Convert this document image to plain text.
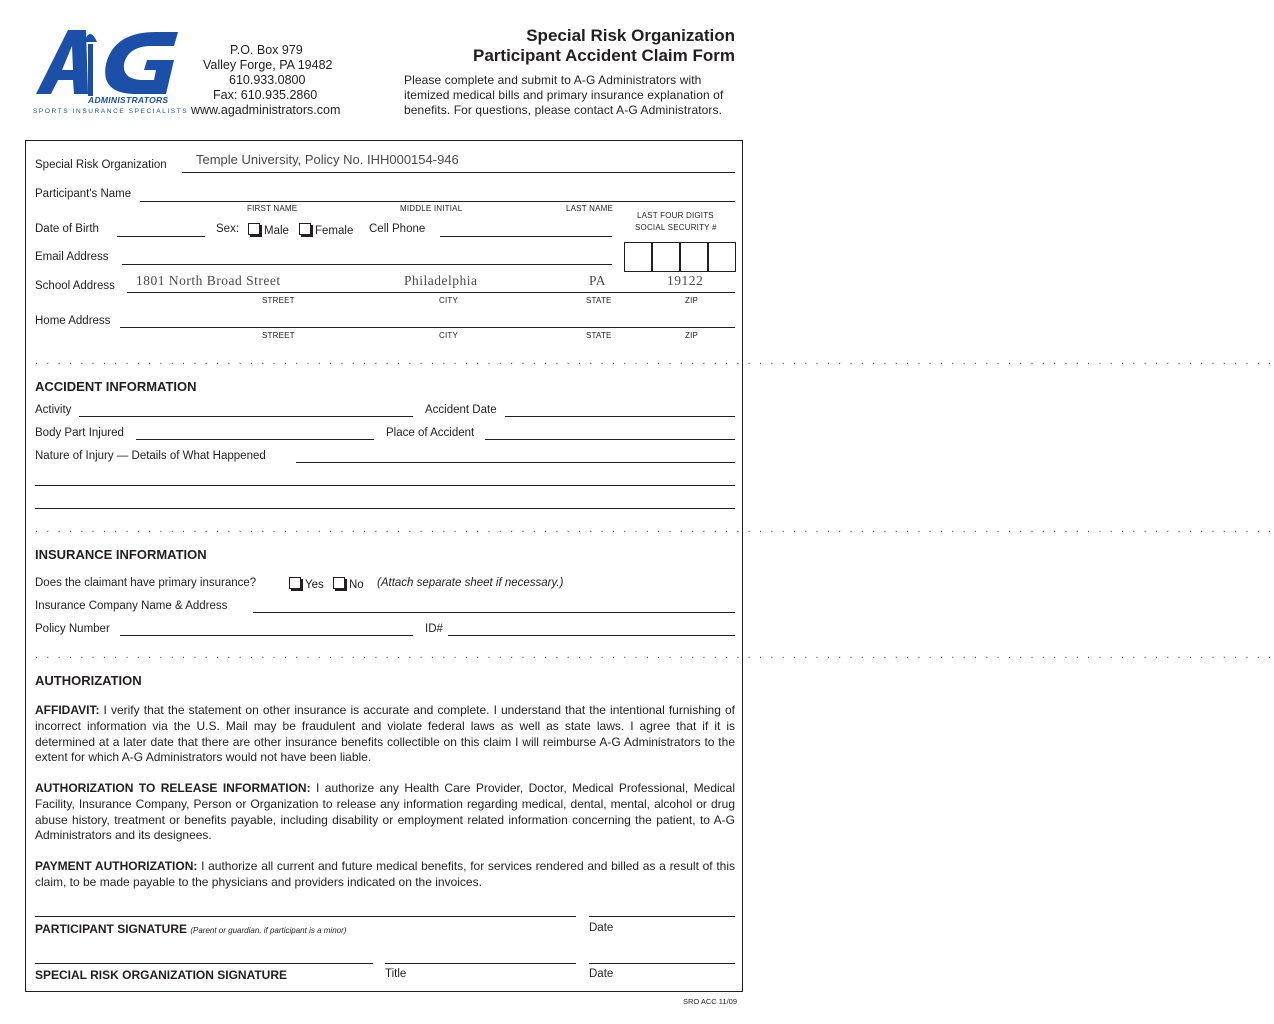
ADMINISTRATORS
SPORTS INSURANCE SPECIALISTS
P.O. Box 979
Valley Forge, PA 19482
610.933.0800
Fax: 610.935.2860
www.agadministrators.com
Special Risk Organization
Participant Accident Claim Form
Please complete and submit to A-G Administrators with
itemized medical bills and primary insurance explanation of
benefits. For questions, please contact A-G Administrators.
Special Risk Organization Temple University, Policy No. IHH000154-946
Participant's Name
FIRST NAME	MIDDLE INITIAL	LAST NAME
LAST FOUR DIGITS
SOCIAL SECURITY #
Date of Birth	Sex:	Male	Female Cell Phone
Email Address
School Address 1801 North Broad Street	Philadelphia	PA	19122
STREET	CITY	STATE	ZIP
Home Address
STREET	CITY	STATE	ZIP
. . . . . . . . . . . . . . . . . . . . . . . . . . . . . . . . . . . . . . . . . . . . . . . . . . . . . . . . . . . . . . . . . . . . . . . . . . . . . . . . . . . . . . . . . . . . . . . . . . . . . . . . . . . . . .
ACCIDENT INFORMATION
Activity	Accident Date
Body Part Injured	Place of Accident
Nature of Injury — Details of What Happened
. . . . . . . . . . . . . . . . . . . . . . . . . . . . . . . . . . . . . . . . . . . . . . . . . . . . . . . . . . . . . . . . . . . . . . . . . . . . . . . . . . . . . . . . . . . . . . . . . . . . . . . . . . . . . .
INSURANCE INFORMATION
Does the claimant have primary insurance?	Yes	No (Attach separate sheet if necessary.)
Insurance Company Name & Address
Policy Number	ID#
. . . . . . . . . . . . . . . . . . . . . . . . . . . . . . . . . . . . . . . . . . . . . . . . . . . . . . . . . . . . . . . . . . . . . . . . . . . . . . . . . . . . . . . . . . . . . . . . . . . . . . . . . . . . . .
AUTHORIZATION
AFFIDAVIT: I verify that the statement on other insurance is accurate and complete. I understand that the intentional furnishing of incorrect information via the U.S. Mail may be fraudulent and violate federal laws as well as state laws. I agree that if it is determined at a later date that there are other insurance benefits collectible on this claim I will reimburse A-G Administrators to the extent for which A-G Administrators would not have been liable.
AUTHORIZATION TO RELEASE INFORMATION: I authorize any Health Care Provider, Doctor, Medical Professional, Medical Facility, Insurance Company, Person or Organization to release any information regarding medical, dental, mental, alcohol or drug abuse history, treatment or benefits payable, including disability or employment related information concerning the patient, to A-G Administrators and its designees.
PAYMENT AUTHORIZATION: I authorize all current and future medical benefits, for services rendered and billed as a result of this claim, to be made payable to the physicians and providers indicated on the invoices.
PARTICIPANT SIGNATURE (Parent or guardian, if participant is a minor)	Date
SPECIAL RISK ORGANIZATION SIGNATURE	Title	Date
SRO ACC 11/09
